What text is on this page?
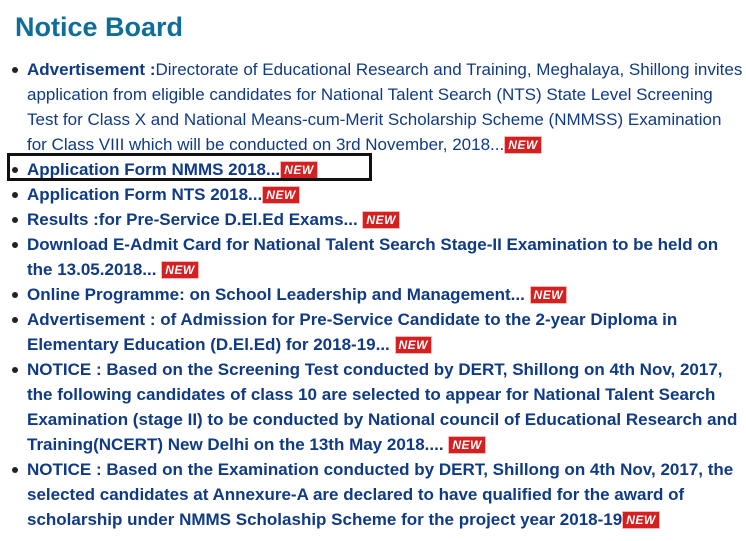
Notice Board
Advertisement :Directorate of Educational Research and Training, Meghalaya, Shillong invites application from eligible candidates for National Talent Search (NTS) State Level Screening Test for Class X and National Means-cum-Merit Scholarship Scheme (NMMSS) Examination for Class VIII which will be conducted on 3rd November, 2018... NEW
Application Form NMMS 2018... NEW
Application Form NTS 2018... NEW
Results :for Pre-Service D.El.Ed Exams... NEW
Download E-Admit Card for National Talent Search Stage-II Examination to be held on the 13.05.2018... NEW
Online Programme: on School Leadership and Management... NEW
Advertisement : of Admission for Pre-Service Candidate to the 2-year Diploma in Elementary Education (D.El.Ed) for 2018-19... NEW
NOTICE : Based on the Screening Test conducted by DERT, Shillong on 4th Nov, 2017, the following candidates of class 10 are selected to appear for National Talent Search Examination (stage II) to be conducted by National council of Educational Research and Training(NCERT) New Delhi on the 13th May 2018.... NEW
NOTICE : Based on the Examination conducted by DERT, Shillong on 4th Nov, 2017, the selected candidates at Annexure-A are declared to have qualified for the award of scholarship under NMMS Scholaship Scheme for the project year 2018-19 NEW
